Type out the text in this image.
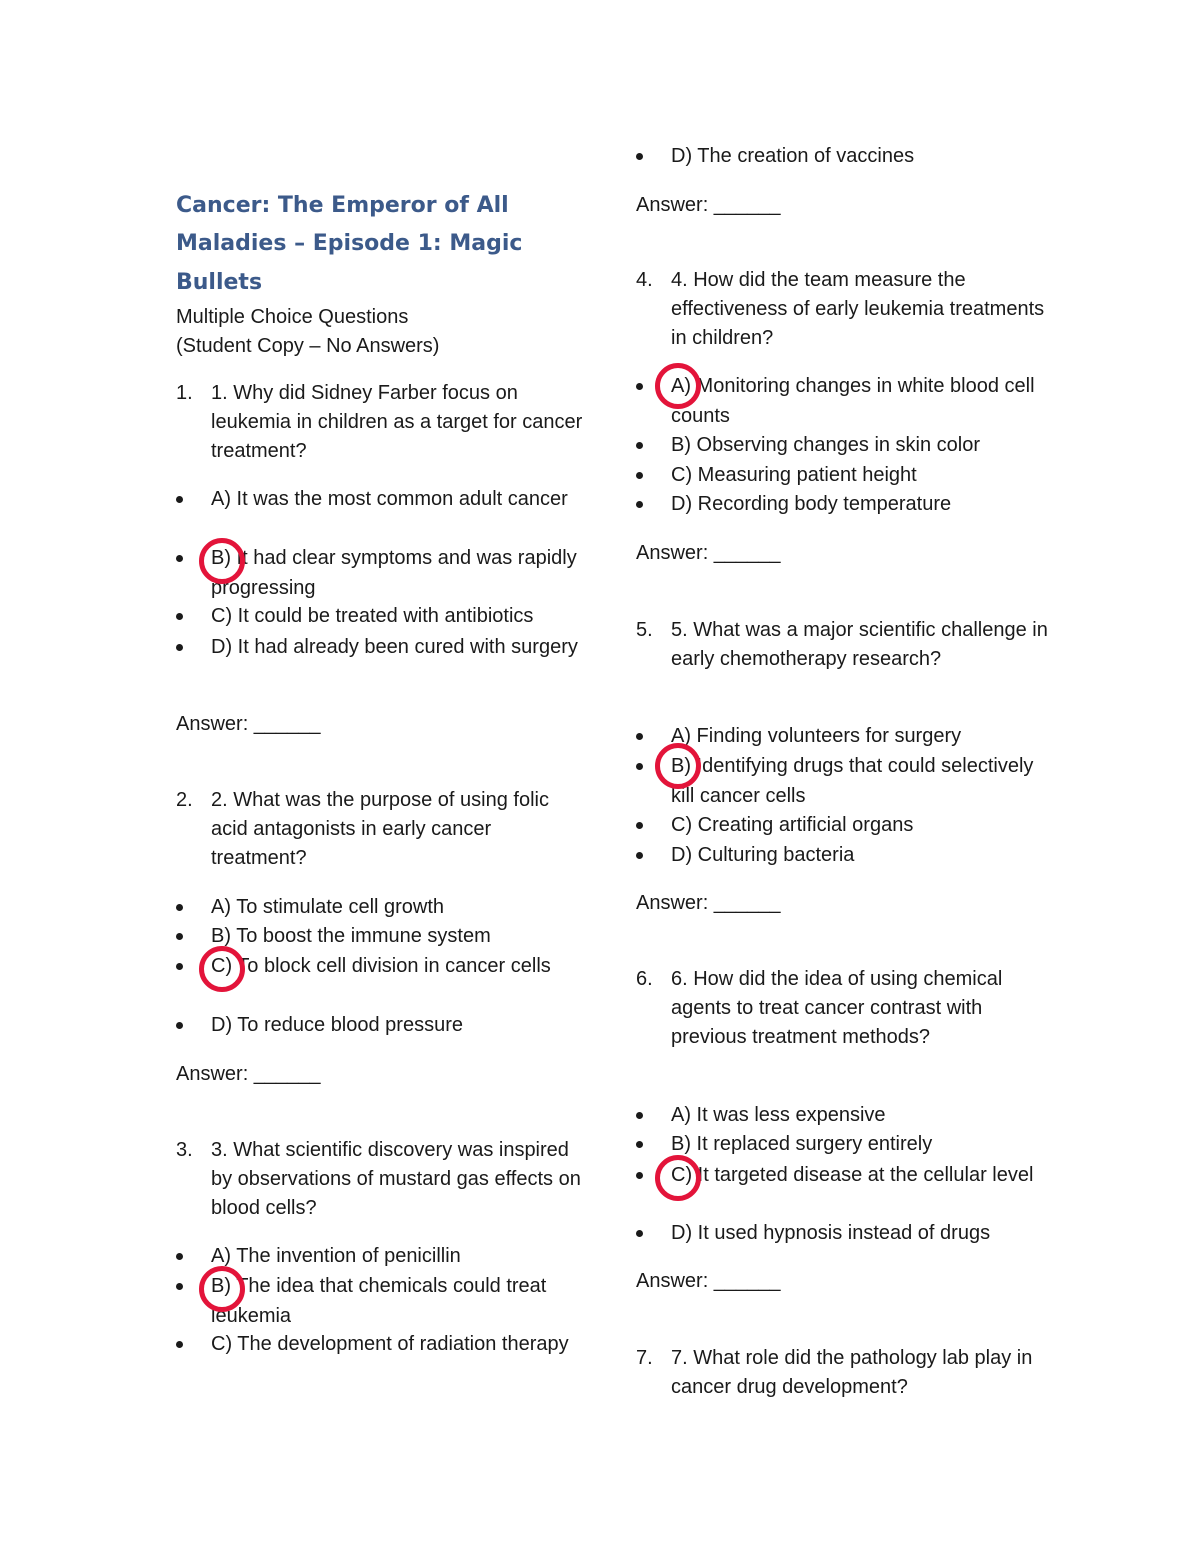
Cancer: The Emperor of All
Maladies – Episode 1: Magic
Bullets
Multiple Choice Questions
(Student Copy – No Answers)
1. 1. Why did Sidney Farber focus on leukemia in children as a target for cancer treatment?
A) It was the most common adult cancer
B) It had clear symptoms and was rapidly progressing
C) It could be treated with antibiotics
D) It had already been cured with surgery
Answer: ______
2. 2. What was the purpose of using folic acid antagonists in early cancer treatment?
A) To stimulate cell growth
B) To boost the immune system
C) To block cell division in cancer cells
D) To reduce blood pressure
Answer: ______
3. 3. What scientific discovery was inspired by observations of mustard gas effects on blood cells?
A) The invention of penicillin
B) The idea that chemicals could treat leukemia
C) The development of radiation therapy
D) The creation of vaccines
Answer: ______
4. 4. How did the team measure the effectiveness of early leukemia treatments in children?
A) Monitoring changes in white blood cell counts
B) Observing changes in skin color
C) Measuring patient height
D) Recording body temperature
Answer: ______
5. 5. What was a major scientific challenge in early chemotherapy research?
A) Finding volunteers for surgery
B) Identifying drugs that could selectively kill cancer cells
C) Creating artificial organs
D) Culturing bacteria
Answer: ______
6. 6. How did the idea of using chemical agents to treat cancer contrast with previous treatment methods?
A) It was less expensive
B) It replaced surgery entirely
C) It targeted disease at the cellular level
D) It used hypnosis instead of drugs
Answer: ______
7. 7. What role did the pathology lab play in cancer drug development?
